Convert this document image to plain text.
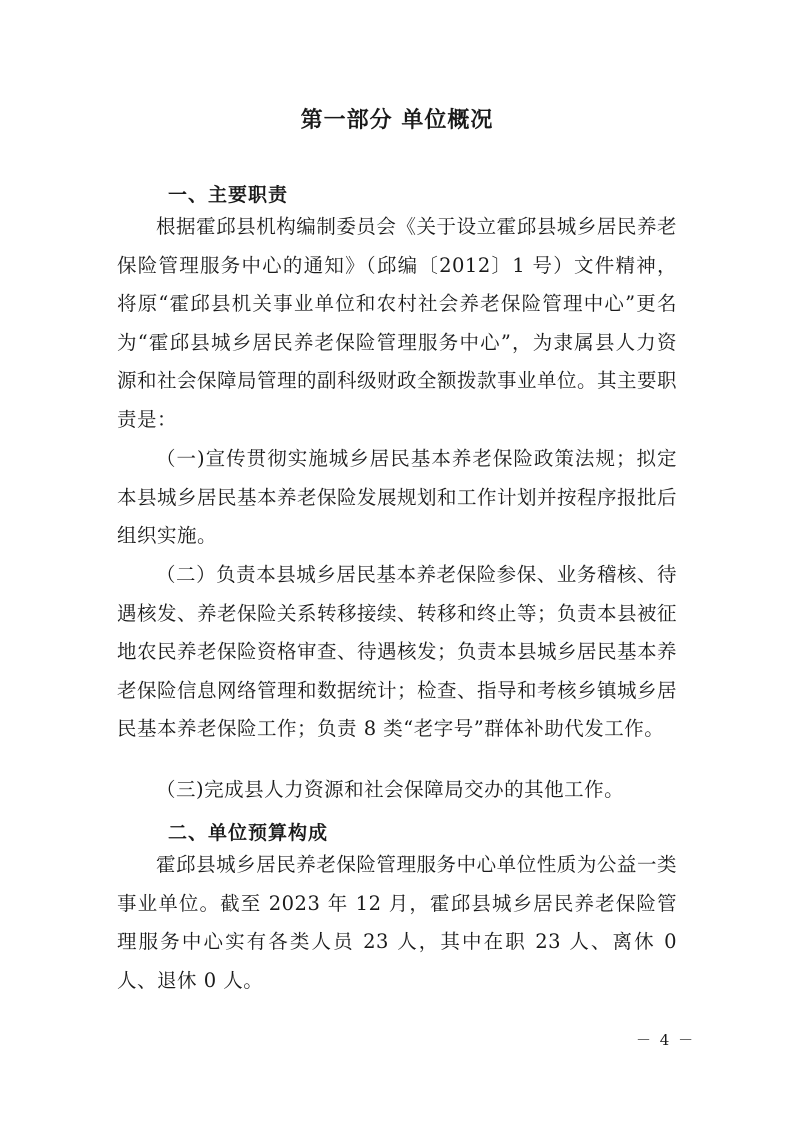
第一部分 单位概况
一、主要职责

根据霍邱县机构编制委员会《关于设立霍邱县城乡居民养老保险管理服务中心的通知》（邱编〔2012〕1 号）文件精神，将原“霍邱县机关事业单位和农村社会养老保险管理中心”更名为“霍邱县城乡居民养老保险管理服务中心”，为隶属县人力资源和社会保障局管理的副科级财政全额拨款事业单位。其主要职责是：

（一)宣传贯彻实施城乡居民基本养老保险政策法规；拟定本县城乡居民基本养老保险发展规划和工作计划并按程序报批后组织实施。

（二）负责本县城乡居民基本养老保险参保、业务稽核、待遇核发、养老保险关系转移接续、转移和终止等；负责本县被征地农民养老保险资格审查、待遇核发；负责本县城乡居民基本养老保险信息网络管理和数据统计；检查、指导和考核乡镇城乡居民基本养老保险工作；负责 8 类“老字号”群体补助代发工作。

（三)完成县人力资源和社会保障局交办的其他工作。

二、单位预算构成

霍邱县城乡居民养老保险管理服务中心单位性质为公益一类事业单位。截至 2023 年 12 月，霍邱县城乡居民养老保险管理服务中心实有各类人员 23 人，其中在职 23 人、离休 0 人、退休 0 人。

－ 4 －
